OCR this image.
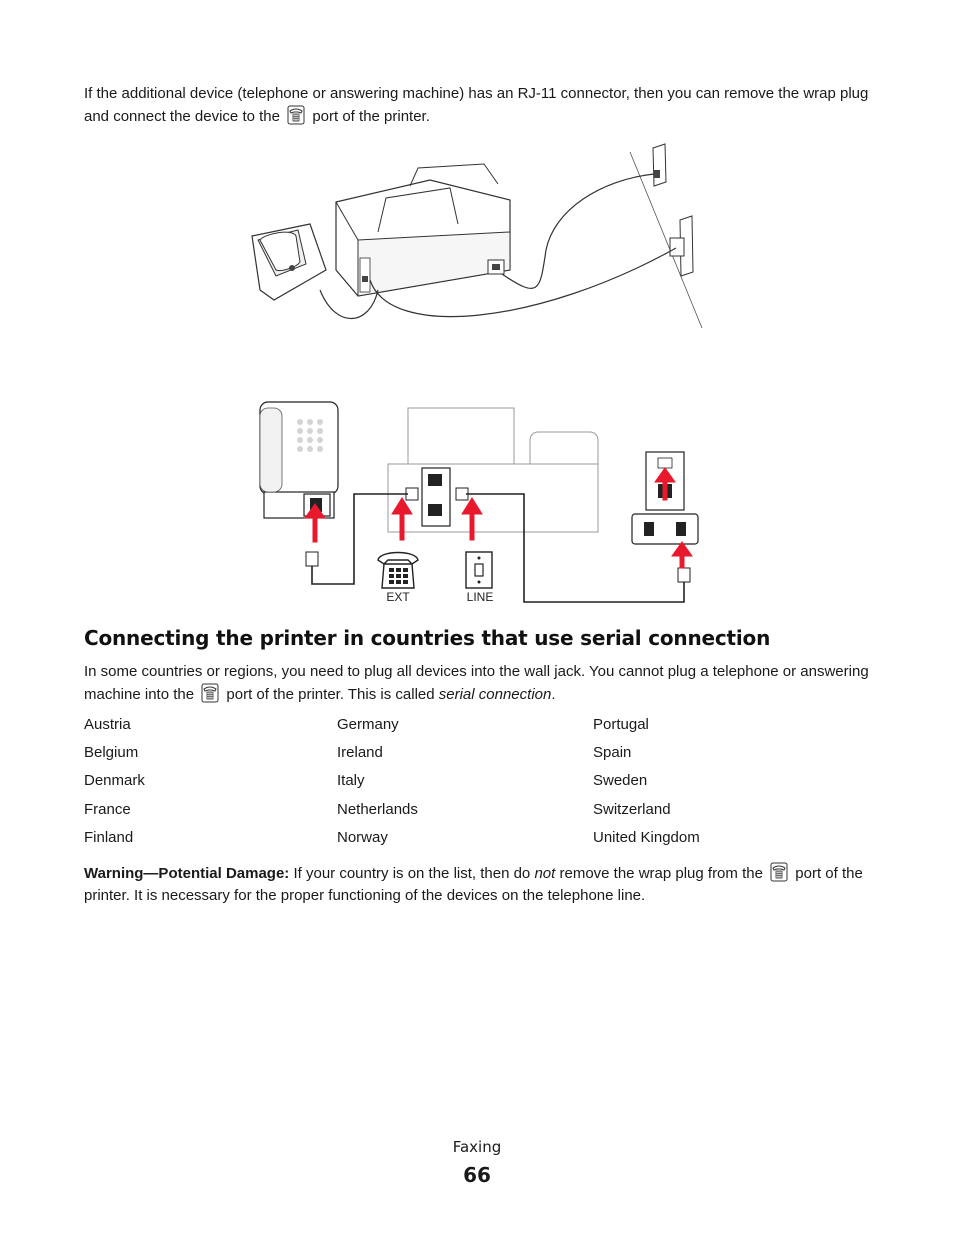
If the additional device (telephone or answering machine) has an RJ-11 connector, then you can remove the wrap plug and connect the device to the port of the printer.

EXT	LINE
Connecting the printer in countries that use serial connection

In some countries or regions, you need to plug all devices into the wall jack. You cannot plug a telephone or answering machine into the port of the printer. This is called serial connection.

Austria	Germany	Portugal
Belgium	Ireland	Spain
Denmark	Italy	Sweden
France	Netherlands	Switzerland
Finland	Norway	United Kingdom

Warning—Potential Damage: If your country is on the list, then do not remove the wrap plug from the port of the printer. It is necessary for the proper functioning of the devices on the telephone line.

Faxing
66
